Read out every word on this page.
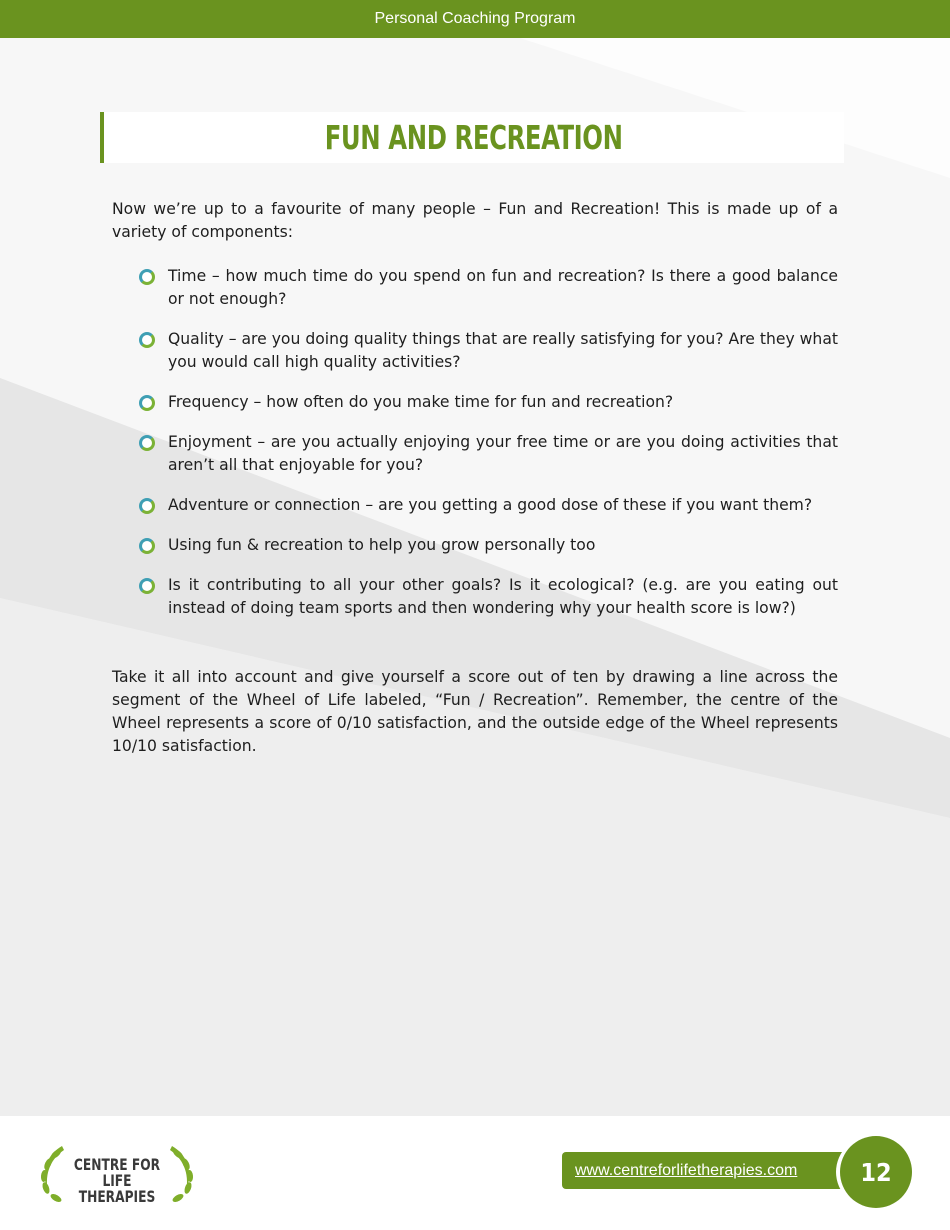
Personal Coaching Program
FUN AND RECREATION

Now we’re up to a favourite of many people – Fun and Recreation! This is made up of a variety of components:

Time – how much time do you spend on fun and recreation? Is there a good balance or not enough?
Quality – are you doing quality things that are really satisfying for you? Are they what you would call high quality activities?
Frequency – how often do you make time for fun and recreation?
Enjoyment – are you actually enjoying your free time or are you doing activities that aren’t all that enjoyable for you?
Adventure or connection – are you getting a good dose of these if you want them?
Using fun & recreation to help you grow personally too
Is it contributing to all your other goals? Is it ecological? (e.g. are you eating out instead of doing team sports and then wondering why your health score is low?)

Take it all into account and give yourself a score out of ten by drawing a line across the segment of the Wheel of Life labeled, “Fun / Recreation”. Remember, the centre of the Wheel represents a score of 0/10 satisfaction, and the outside edge of the Wheel represents 10/10 satisfaction.

CENTRE FOR
LIFE THERAPIES
www.centreforlifetherapies.com	12
